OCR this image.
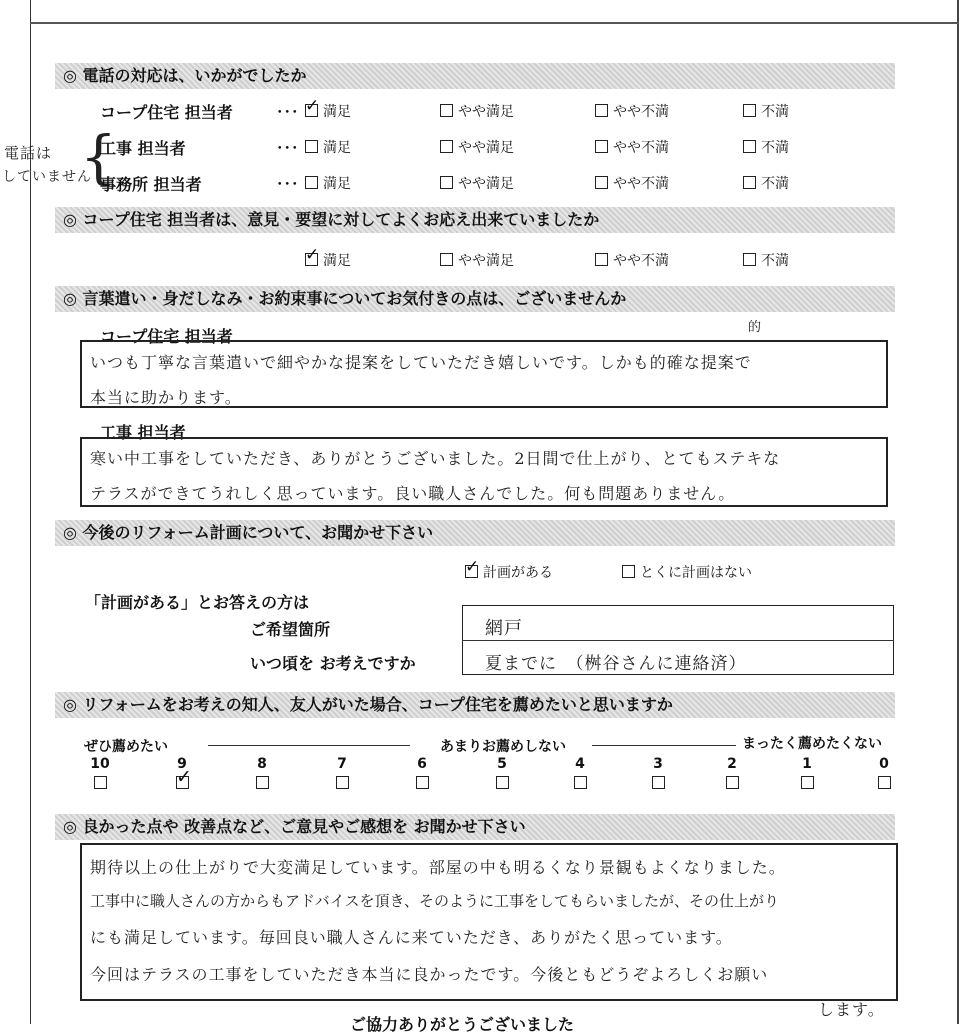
◎ 電話の対応は、いかがでしたか
コープ住宅 担当者	･･･
✓	満足	やや満足	やや不満	不満
電話は
していません
{
工事 担当者	･･･	満足	やや満足	やや不満	不満
事務所 担当者	･･･	満足	やや満足	やや不満	不満
◎ コープ住宅 担当者は、意見・要望に対してよくお応え出来ていましたか
✓満足	やや満足	やや不満	不満
◎ 言葉遣い・身だしなみ・お約束事についてお気付きの点は、ございませんか
コープ住宅 担当者	的
いつも丁寧な言葉遣いで細やかな提案をしていただき嬉しいです。しかも的確な提案で
本当に助かります。
工事 担当者
寒い中工事をしていただき、ありがとうございました。2日間で仕上がり、とてもステキな
テラスができてうれしく思っています。良い職人さんでした。何も問題ありません。
◎ 今後のリフォーム計画について、お聞かせ下さい
✓計画がある	とくに計画はない
「計画がある」とお答えの方は
ご希望箇所
いつ頃を お考えですか
網戸
夏までに　（桝谷さんに連絡済）
◎ リフォームをお考えの知人、友人がいた場合、コープ住宅を薦めたいと思いますか
ぜひ薦めたい	あまりお薦めしない	まったく薦めたくない
10	9	8	7	6	5	4	3	2	1	0
✓
◎ 良かった点や 改善点など、ご意見やご感想を お聞かせ下さい
期待以上の仕上がりで大変満足しています。部屋の中も明るくなり景観もよくなりました。
工事中に職人さんの方からもアドバイスを頂き、そのように工事をしてもらいましたが、その仕上がり
にも満足しています。毎回良い職人さんに来ていただき、ありがたく思っています。
今回はテラスの工事をしていただき本当に良かったです。今後ともどうぞよろしくお願い
します。
ご協力ありがとうございました
